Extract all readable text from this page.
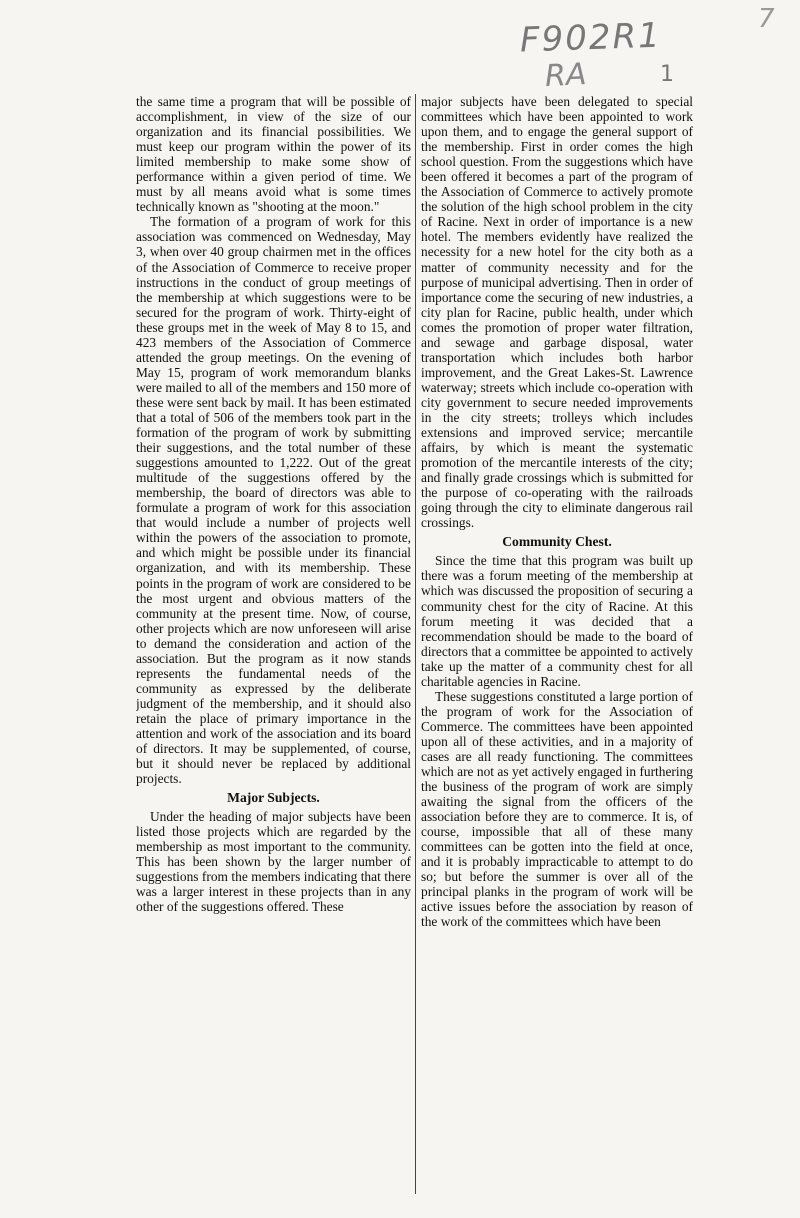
F902R1
RA	1
7

the same time a program that will be possible of accomplishment, in view of the size of our organization and its financial possibilities. We must keep our program within the power of its limited membership to make some show of performance within a given period of time. We must by all means avoid what is some times technically known as "shooting at the moon."

The formation of a program of work for this association was commenced on Wednesday, May 3, when over 40 group chairmen met in the offices of the Association of Commerce to receive proper instructions in the conduct of group meetings of the membership at which suggestions were to be secured for the program of work. Thirty-eight of these groups met in the week of May 8 to 15, and 423 members of the Association of Commerce attended the group meetings. On the evening of May 15, program of work memorandum blanks were mailed to all of the members and 150 more of these were sent back by mail. It has been estimated that a total of 506 of the members took part in the formation of the program of work by submitting their suggestions, and the total number of these suggestions amounted to 1,222. Out of the great multitude of the suggestions offered by the membership, the board of directors was able to formulate a program of work for this association that would include a number of projects well within the powers of the association to promote, and which might be possible under its financial organization, and with its membership. These points in the program of work are considered to be the most urgent and obvious matters of the community at the present time. Now, of course, other projects which are now unforeseen will arise to demand the consideration and action of the association. But the program as it now stands represents the fundamental needs of the community as expressed by the deliberate judgment of the membership, and it should also retain the place of primary importance in the attention and work of the association and its board of directors. It may be supplemented, of course, but it should never be replaced by additional projects.

Major Subjects.

Under the heading of major subjects have been listed those projects which are regarded by the membership as most important to the community. This has been shown by the larger number of suggestions from the members indicating that there was a larger interest in these projects than in any other of the suggestions offered. These

major subjects have been delegated to special committees which have been appointed to work upon them, and to engage the general support of the membership. First in order comes the high school question. From the suggestions which have been offered it becomes a part of the program of the Association of Commerce to actively promote the solution of the high school problem in the city of Racine. Next in order of importance is a new hotel. The members evidently have realized the necessity for a new hotel for the city both as a matter of community necessity and for the purpose of municipal advertising. Then in order of importance come the securing of new industries, a city plan for Racine, public health, under which comes the promotion of proper water filtration, and sewage and garbage disposal, water transportation which includes both harbor improvement, and the Great Lakes-St. Lawrence waterway; streets which include co-operation with city government to secure needed improvements in the city streets; trolleys which includes extensions and improved service; mercantile affairs, by which is meant the systematic promotion of the mercantile interests of the city; and finally grade crossings which is submitted for the purpose of co-operating with the railroads going through the city to eliminate dangerous rail crossings.

Community Chest.

Since the time that this program was built up there was a forum meeting of the membership at which was discussed the proposition of securing a community chest for the city of Racine. At this forum meeting it was decided that a recommendation should be made to the board of directors that a committee be appointed to actively take up the matter of a community chest for all charitable agencies in Racine.

These suggestions constituted a large portion of the program of work for the Association of Commerce. The committees have been appointed upon all of these activities, and in a majority of cases are all ready functioning. The committees which are not as yet actively engaged in furthering the business of the program of work are simply awaiting the signal from the officers of the association before they are to commerce. It is, of course, impossible that all of these many committees can be gotten into the field at once, and it is probably impracticable to attempt to do so; but before the summer is over all of the principal planks in the program of work will be active issues before the association by reason of the work of the committees which have been
